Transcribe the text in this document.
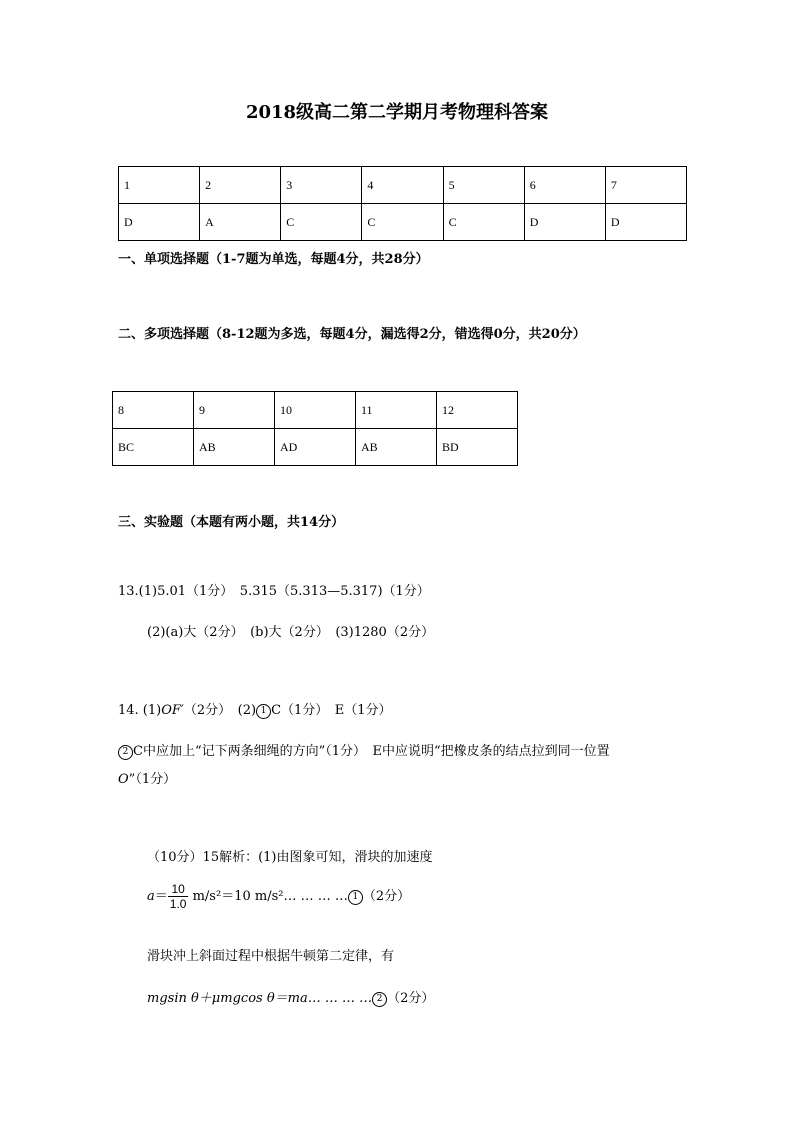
2018级高二第二学期月考物理科答案
1	2	3	4	5	6	7
D	A	C	C	C	D	D
一、单项选择题（1-7题为单选，每题4分，共28分）
二、多项选择题（8-12题为多选，每题4分，漏选得2分，错选得0分，共20分）
8	9	10	11	12
BC	AB	AD	AB	BD
三、实验题（本题有两小题，共14分）
13.(1)5.01（1分）　5.315（5.313—5.317)（1分）
(2)(a)大（2分）　(b)大（2分）　(3)1280（2分）
14. (1)OF′（2分）　(2) 1 C（1分）　E（1分）
2 C中应加上“记下两条细绳的方向”（1分）　E中应说明“把橡皮条的结点拉到同一位置
O”（1分）
（10分）15解析：(1)由图象可知，滑块的加速度
$a= \frac{10}{1.0} m/s^2=10$ m/s²… … … … 1 （2分）
滑块冲上斜面过程中根据牛顿第二定律，有
mgsin θ＋μmgcos θ＝ma… … … … 2 （2分）
